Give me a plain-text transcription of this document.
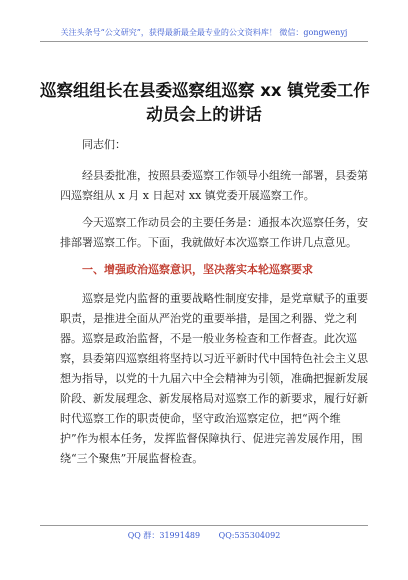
关注头条号“公文研究”，获得最新最全最专业的公文资料库！ 微信：gongwenyj
巡察组组长在县委巡察组巡察 xx 镇党委工作
动员会上的讲话
同志们：
经县委批准，按照县委巡察工作领导小组统一部署，县委第四巡察组从 x 月 x 日起对 xx 镇党委开展巡察工作。
今天巡察工作动员会的主要任务是：通报本次巡察任务，安排部署巡察工作。下面，我就做好本次巡察工作讲几点意见。
一、增强政治巡察意识，坚决落实本轮巡察要求
巡察是党内监督的重要战略性制度安排，是党章赋予的重要职责，是推进全面从严治党的重要举措，是国之利器、党之利器。巡察是政治监督，不是一般业务检查和工作督查。此次巡察，县委第四巡察组将坚持以习近平新时代中国特色社会主义思想为指导，以党的十九届六中全会精神为引领，准确把握新发展阶段、新发展理念、新发展格局对巡察工作的新要求，履行好新时代巡察工作的职责使命，坚守政治巡察定位，把“两个维护”作为根本任务，发挥监督保障执行、促进完善发展作用，围绕“三个聚焦”开展监督检查。
QQ 群：31991489 QQ:535304092
